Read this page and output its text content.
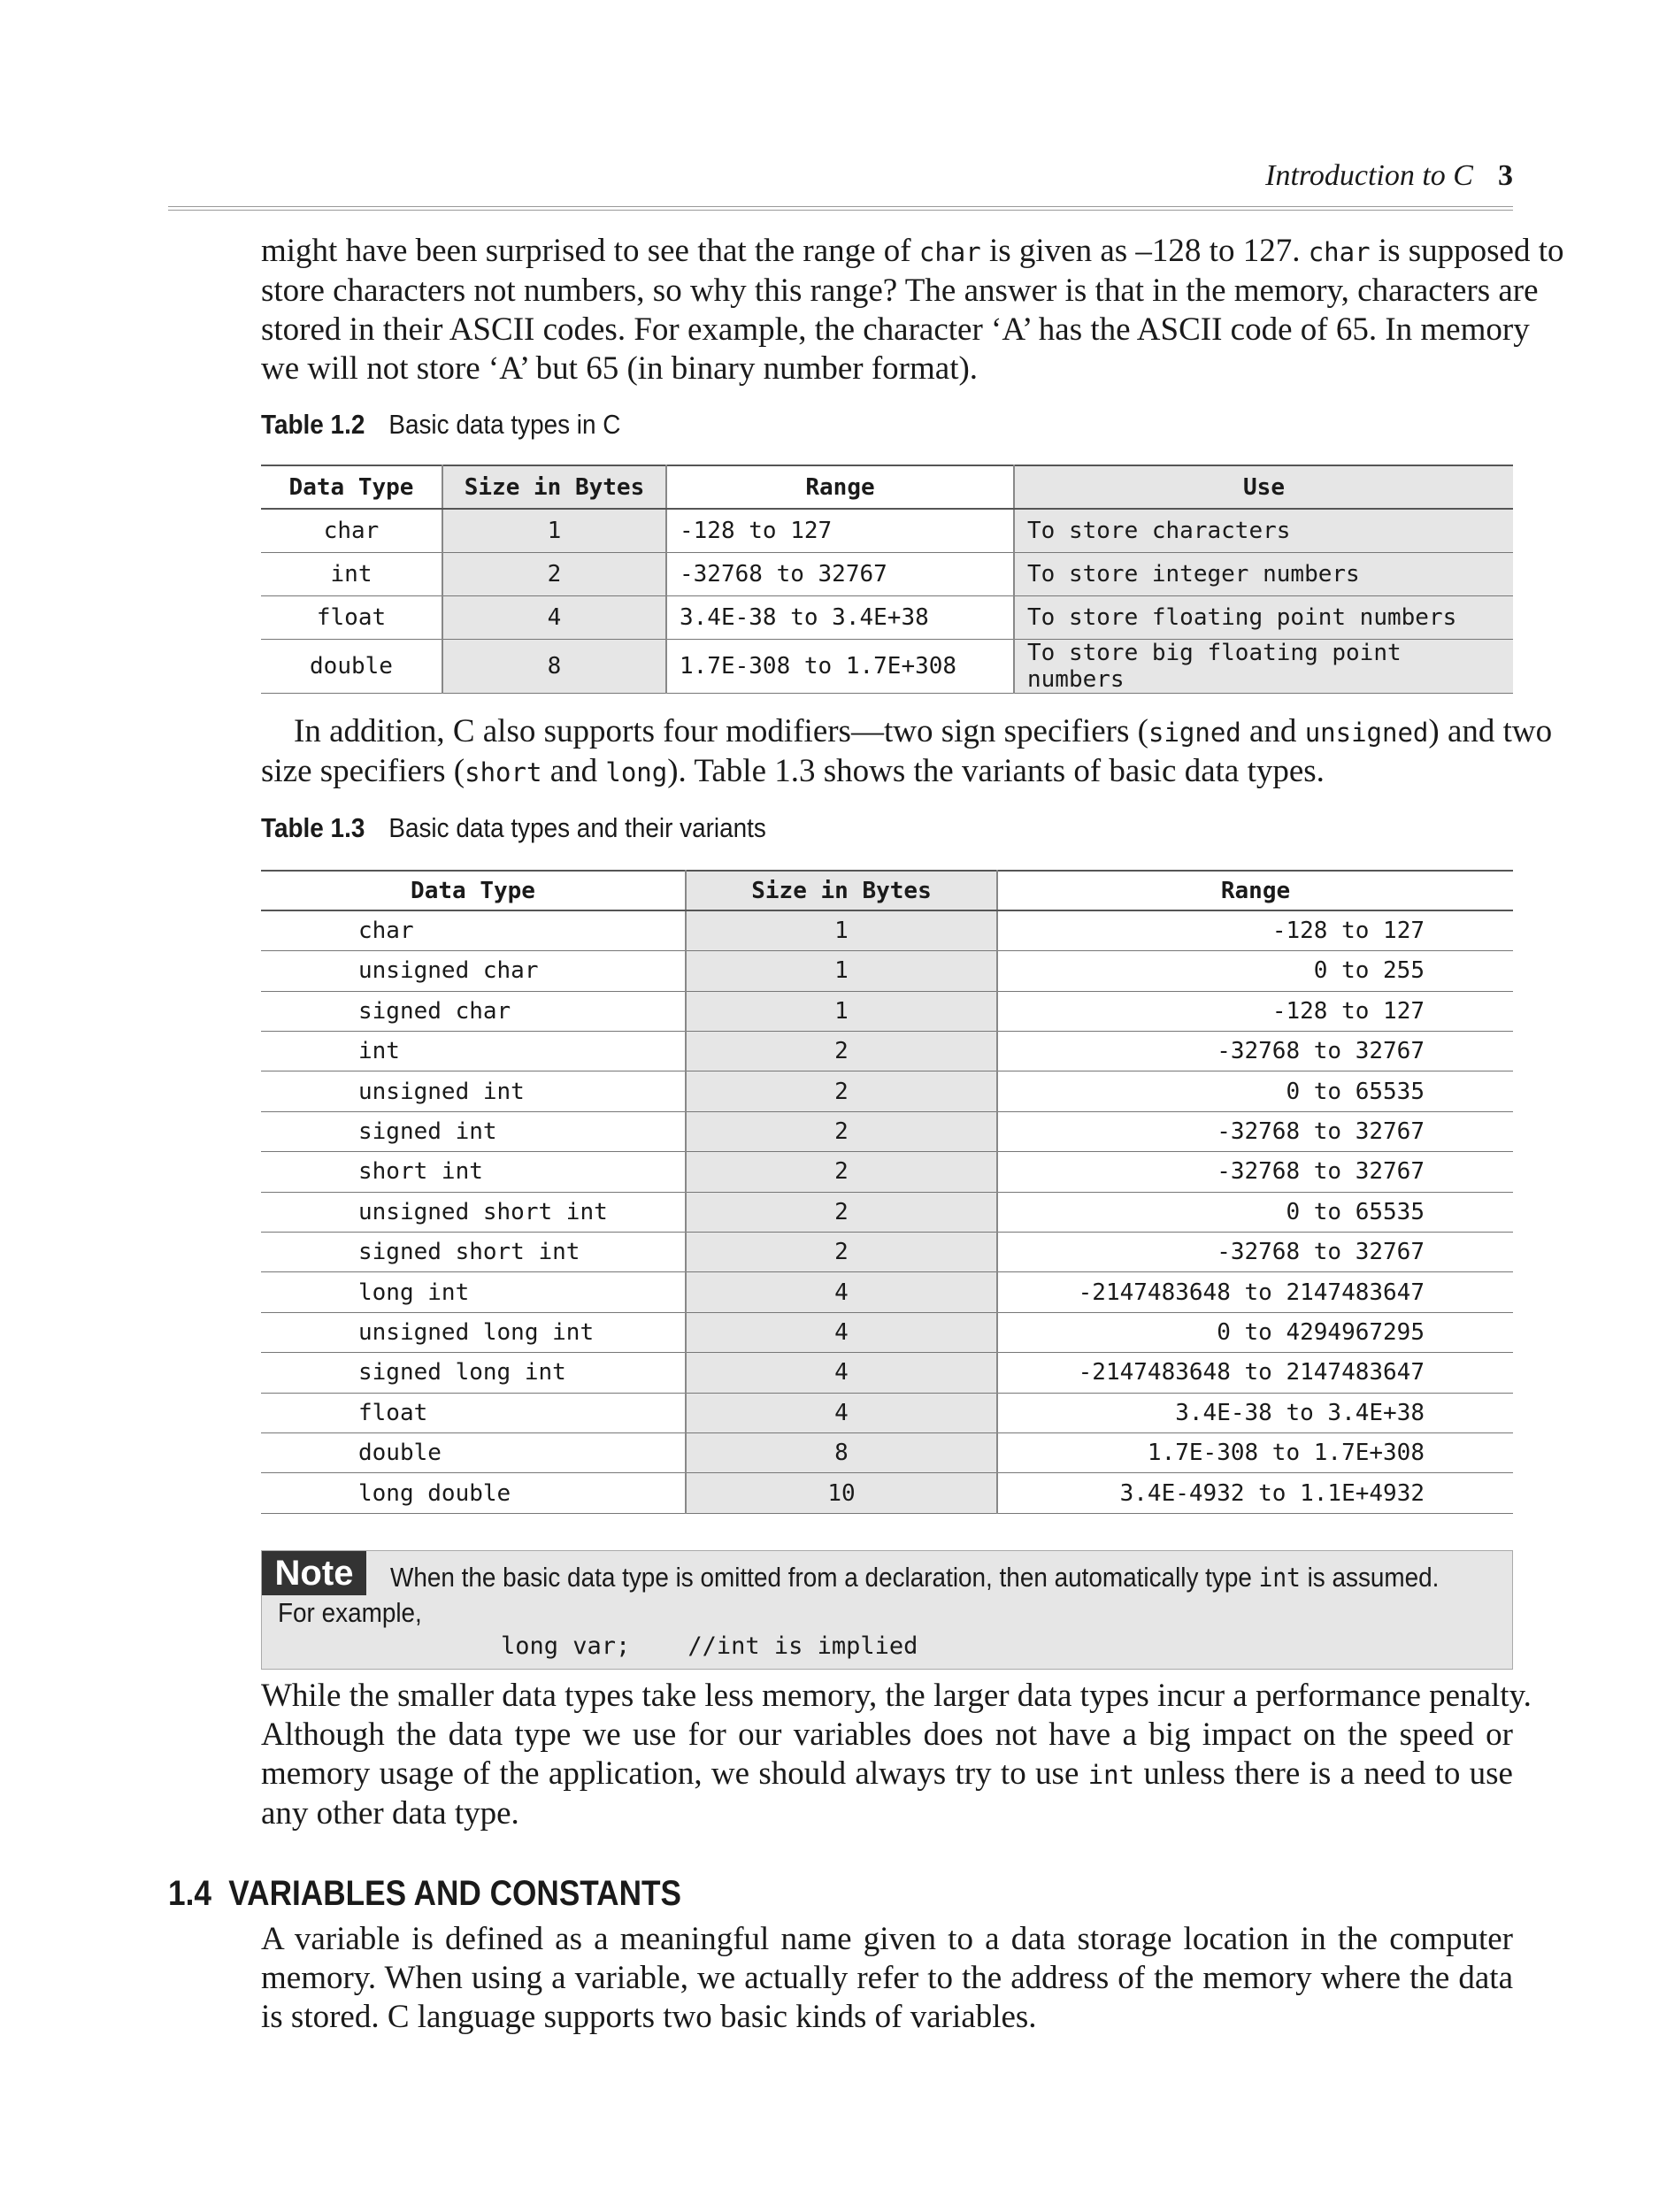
Introduction to C 3
might have been surprised to see that the range of char is given as –128 to 127. char is supposed to
store characters not numbers, so why this range? The answer is that in the memory, characters are
stored in their ASCII codes. For example, the character ‘A’ has the ASCII code of 65. In memory
we will not store ‘A’ but 65 (in binary number format).
Table 1.2 Basic data types in C
Data Type	Size in Bytes	Range	Use
char	1	-128 to 127	To store characters
int	2	-32768 to 32767	To store integer numbers
float	4	3.4E-38 to 3.4E+38	To store floating point numbers
double	8	1.7E-308 to 1.7E+308	To store big floating point numbers
 In addition, C also supports four modifiers—two sign specifiers (signed and unsigned) and two
size specifiers (short and long). Table 1.3 shows the variants of basic data types.
Table 1.3 Basic data types and their variants
Data Type	Size in Bytes	Range
char	1	-128 to 127
unsigned char	1	0 to 255
signed char	1	-128 to 127
int	2	-32768 to 32767
unsigned int	2	0 to 65535
signed int	2	-32768 to 32767
short int	2	-32768 to 32767
unsigned short int	2	0 to 65535
signed short int	2	-32768 to 32767
long int	4	-2147483648 to 2147483647
unsigned long int	4	0 to 4294967295
signed long int	4	-2147483648 to 2147483647
float	4	3.4E-38 to 3.4E+38
double	8	1.7E-308 to 1.7E+308
long double	10	3.4E-4932 to 1.1E+4932
Note	When the basic data type is omitted from a declaration, then automatically type int is assumed.
For example,
long var;    //int is implied
While the smaller data types take less memory, the larger data types incur a performance penalty.
Although the data type we use for our variables does not have a big impact on the speed or
memory usage of the application, we should always try to use int unless there is a need to use
any other data type.
1.4 VARIABLES AND CONSTANTS
A variable is defined as a meaningful name given to a data storage location in the computer
memory. When using a variable, we actually refer to the address of the memory where the data
is stored. C language supports two basic kinds of variables.
